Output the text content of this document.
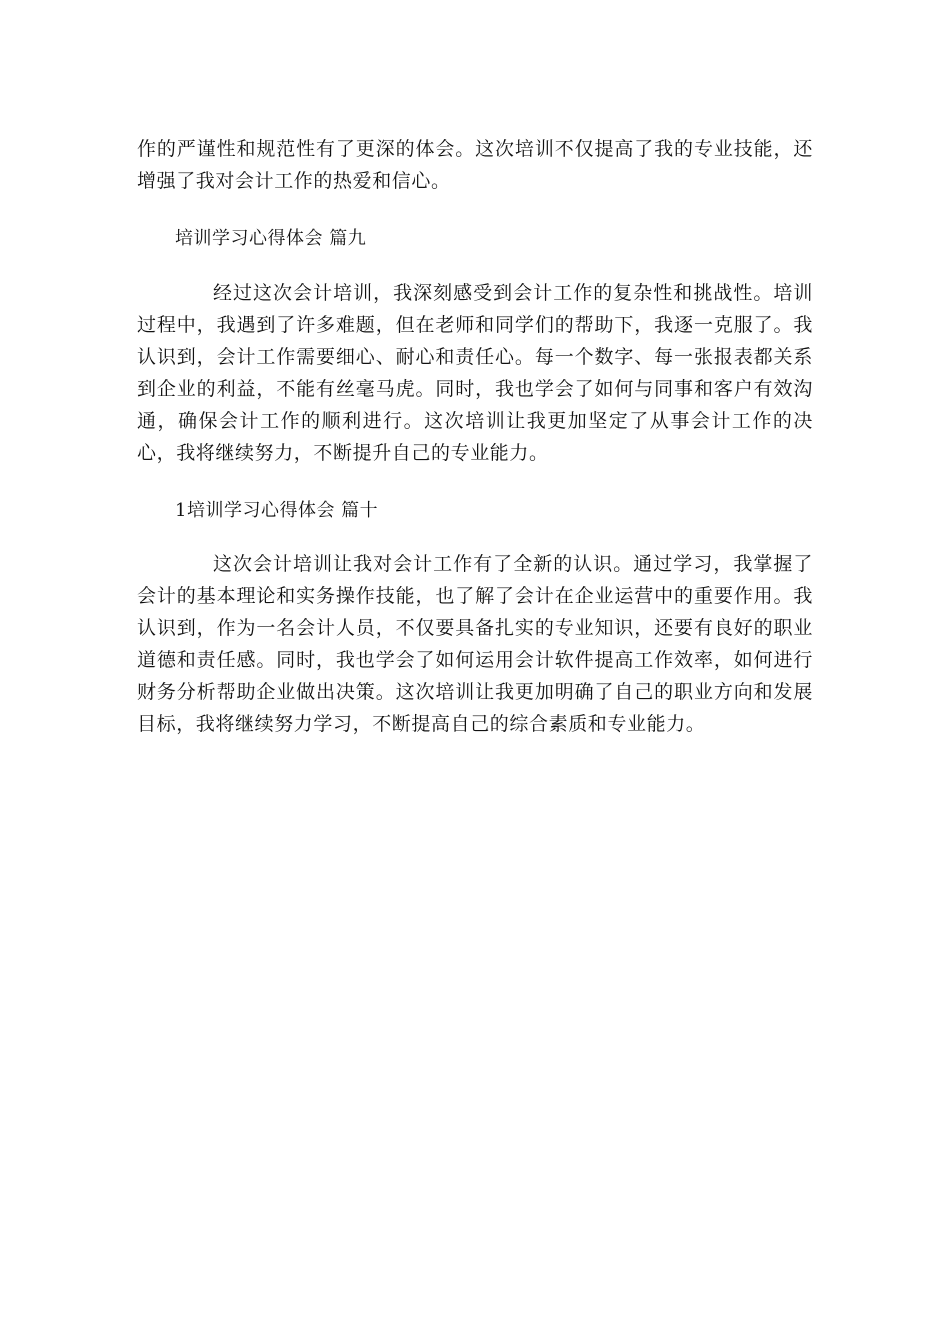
作的严谨性和规范性有了更深的体会。这次培训不仅提高了我的专业技能，还增强了我对会计工作的热爱和信心。

培训学习心得体会 篇九

经过这次会计培训，我深刻感受到会计工作的复杂性和挑战性。培训过程中，我遇到了许多难题，但在老师和同学们的帮助下，我逐一克服了。我认识到，会计工作需要细心、耐心和责任心。每一个数字、每一张报表都关系到企业的利益，不能有丝毫马虎。同时，我也学会了如何与同事和客户有效沟通，确保会计工作的顺利进行。这次培训让我更加坚定了从事会计工作的决心，我将继续努力，不断提升自己的专业能力。

1培训学习心得体会 篇十

这次会计培训让我对会计工作有了全新的认识。通过学习，我掌握了会计的基本理论和实务操作技能，也了解了会计在企业运营中的重要作用。我认识到，作为一名会计人员，不仅要具备扎实的专业知识，还要有良好的职业道德和责任感。同时，我也学会了如何运用会计软件提高工作效率，如何进行财务分析帮助企业做出决策。这次培训让我更加明确了自己的职业方向和发展目标，我将继续努力学习，不断提高自己的综合素质和专业能力。
